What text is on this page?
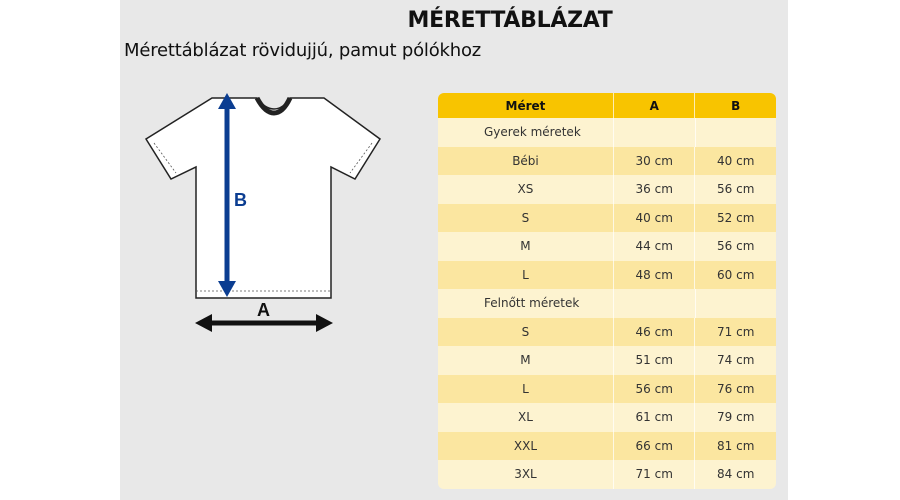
MÉRETTÁBLÁZAT
Mérettáblázat rövidujjú, pamut pólókhoz
B
A
Méret	A	B
Gyerek méretek
Bébi	30 cm	40 cm
XS	36 cm	56 cm
S	40 cm	52 cm
M	44 cm	56 cm
L	48 cm	60 cm
Felnőtt méretek
S	46 cm	71 cm
M	51 cm	74 cm
L	56 cm	76 cm
XL	61 cm	79 cm
XXL	66 cm	81 cm
3XL	71 cm	84 cm
